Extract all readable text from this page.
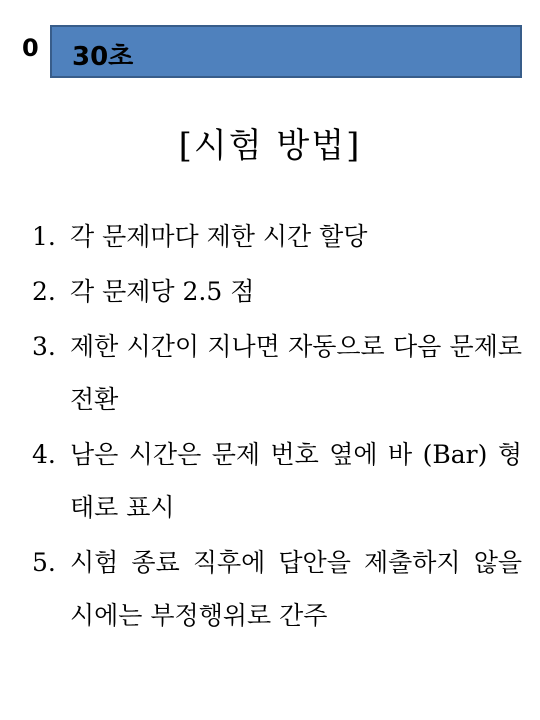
0 30초
[시험 방법]
1. 각 문제마다 제한 시간 할당
2. 각 문제당 2.5 점
3. 제한 시간이 지나면 자동으로 다음 문제로 전환
4. 남은 시간은 문제 번호 옆에 바 (Bar) 형태로 표시
5. 시험 종료 직후에 답안을 제출하지 않을 시에는 부정행위로 간주
